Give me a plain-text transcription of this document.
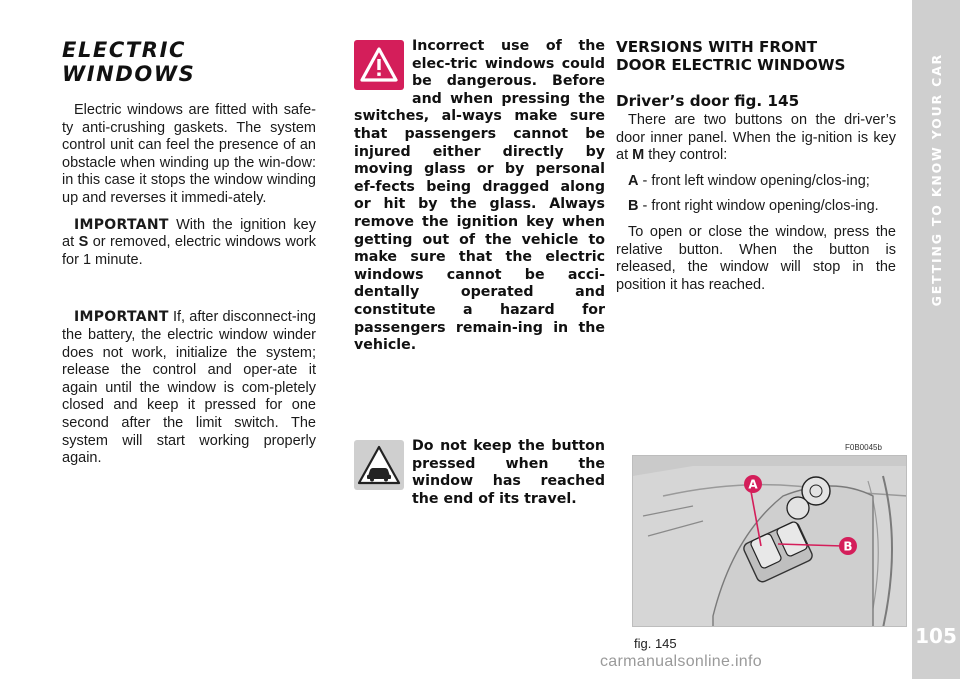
ELECTRIC WINDOWS

Electric windows are fitted with safe-ty anti-crushing gaskets. The system control unit can feel the presence of an obstacle when winding up the win-dow: in this case it stops the window winding up and reverses it immedi-ately.

IMPORTANT With the ignition key at S or removed, electric windows work for 1 minute.

IMPORTANT If, after disconnect-ing the battery, the electric window winder does not work, initialize the system; release the control and oper-ate it again until the window is com-pletely closed and keep it pressed for one second after the limit switch. The system will start working properly again.

Incorrect use of the elec-tric windows could be dangerous. Before and when pressing the switches, al-ways make sure that passengers cannot be injured either directly by moving glass or by personal ef-fects being dragged along or hit by the glass. Always remove the ignition key when getting out of the vehicle to make sure that the electric windows cannot be acci-dentally operated and constitute a hazard for passengers remain-ing in the vehicle.
Do not keep the button pressed when the window has reached the end of its travel.
VERSIONS WITH FRONT
DOOR ELECTRIC WINDOWS
Driver’s door fig. 145

There are two buttons on the dri-ver’s door inner panel. When the ig-nition is key at M they control:

A - front left window opening/clos-ing;

B - front right window opening/clos-ing.

To open or close the window, press the relative button. When the button is released, the window will stop in the position it has reached.

F0B0045b
A
B
fig. 145
GETTING TO KNOW YOUR CAR
105
carmanualsonline.info
